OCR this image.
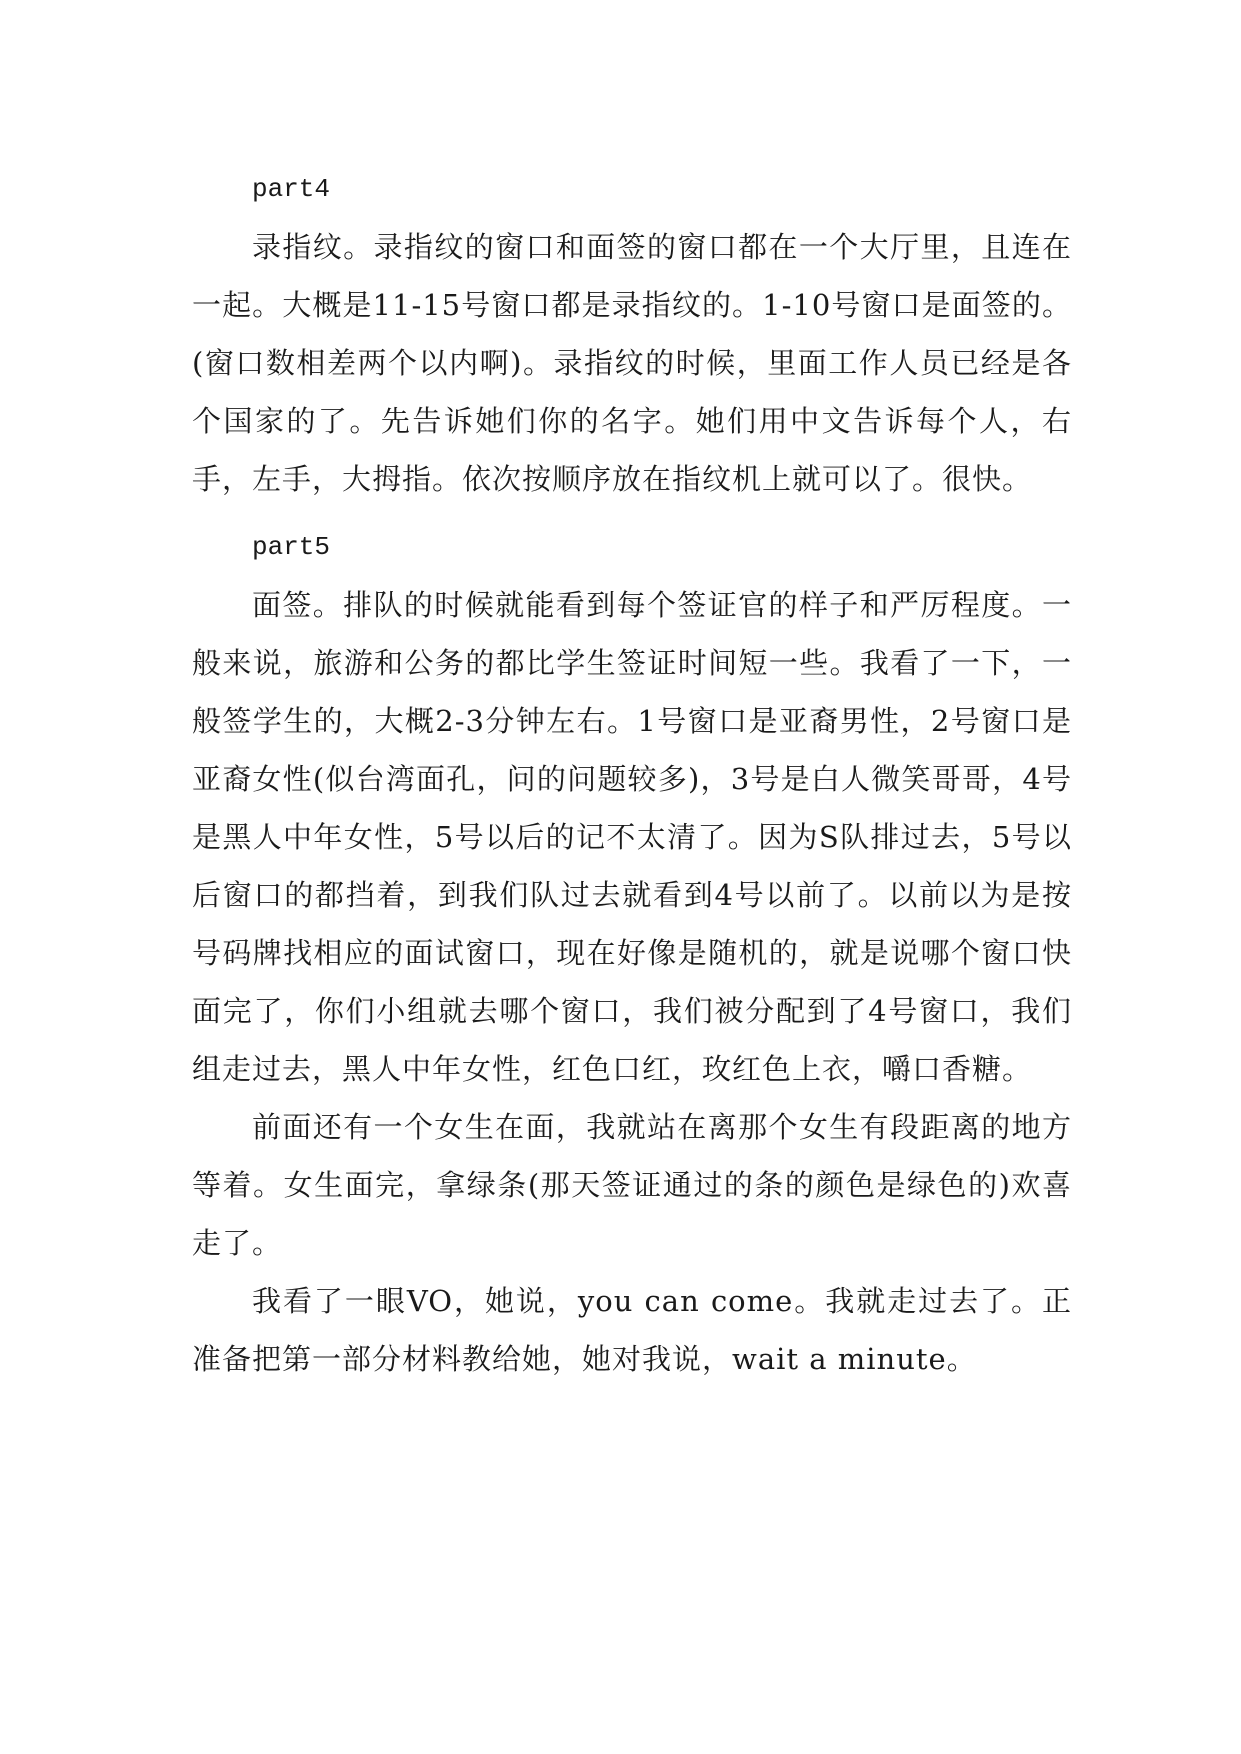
part4

录指纹。录指纹的窗口和面签的窗口都在一个大厅里，且连在一起。大概是11-15号窗口都是录指纹的。1-10号窗口是面签的。(窗口数相差两个以内啊)。录指纹的时候，里面工作人员已经是各个国家的了。先告诉她们你的名字。她们用中文告诉每个人，右手，左手，大拇指。依次按顺序放在指纹机上就可以了。很快。

part5

面签。排队的时候就能看到每个签证官的样子和严厉程度。一般来说，旅游和公务的都比学生签证时间短一些。我看了一下，一般签学生的，大概2-3分钟左右。1号窗口是亚裔男性，2号窗口是亚裔女性(似台湾面孔，问的问题较多)，3号是白人微笑哥哥，4号是黑人中年女性，5号以后的记不太清了。因为S队排过去，5号以后窗口的都挡着，到我们队过去就看到4号以前了。以前以为是按号码牌找相应的面试窗口，现在好像是随机的，就是说哪个窗口快面完了，你们小组就去哪个窗口，我们被分配到了4号窗口，我们组走过去，黑人中年女性，红色口红，玫红色上衣，嚼口香糖。

前面还有一个女生在面，我就站在离那个女生有段距离的地方等着。女生面完，拿绿条(那天签证通过的条的颜色是绿色的)欢喜走了。

我看了一眼VO，她说，you can come。我就走过去了。正准备把第一部分材料教给她，她对我说，wait a minute。
